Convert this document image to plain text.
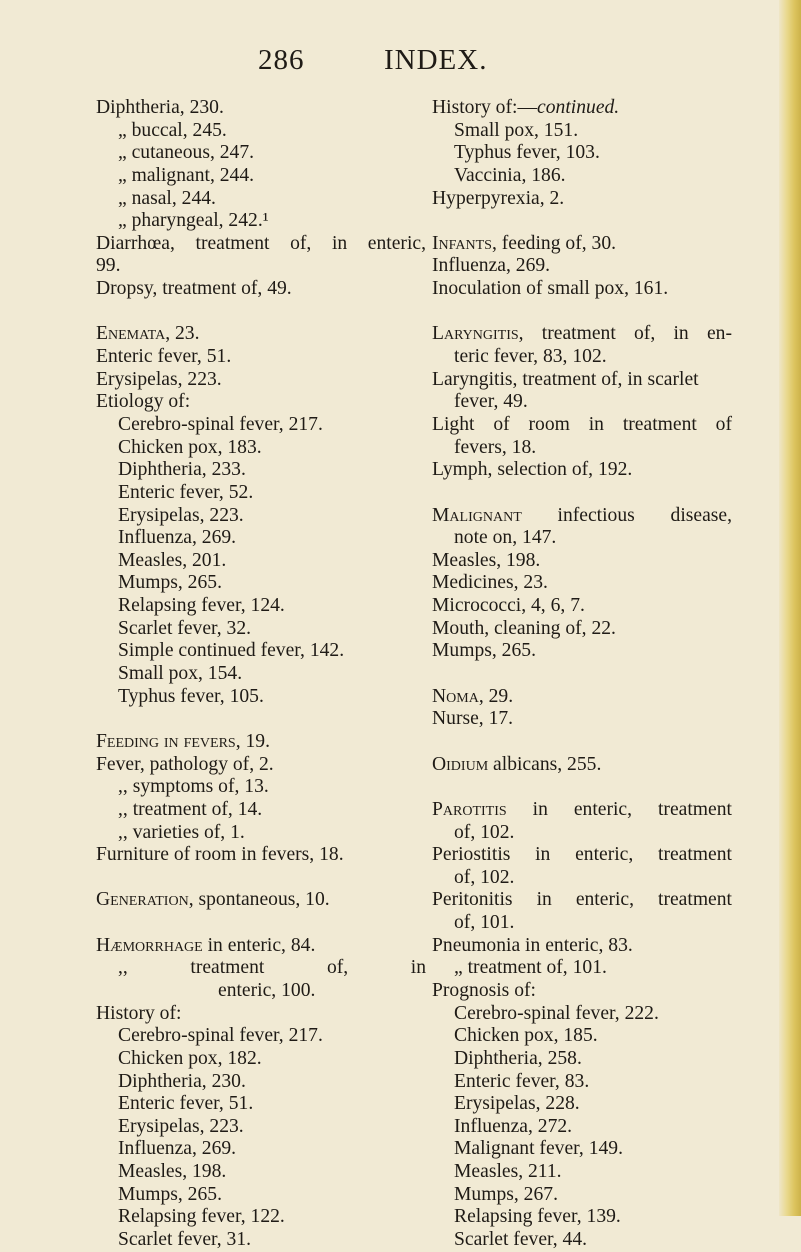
286	INDEX.
Diphtheria, 230.
„ buccal, 245.
„ cutaneous, 247.
„ malignant, 244.
„ nasal, 244.
„ pharyngeal, 242.¹
Diarrhœa, treatment of, in enteric,
99.
Dropsy, treatment of, 49.
Enemata, 23.
Enteric fever, 51.
Erysipelas, 223.
Etiology of:
Cerebro-spinal fever, 217.
Chicken pox, 183.
Diphtheria, 233.
Enteric fever, 52.
Erysipelas, 223.
Influenza, 269.
Measles, 201.
Mumps, 265.
Relapsing fever, 124.
Scarlet fever, 32.
Simple continued fever, 142.
Small pox, 154.
Typhus fever, 105.
Feeding in fevers, 19.
Fever, pathology of, 2.
,, symptoms of, 13.
,, treatment of, 14.
,, varieties of, 1.
Furniture of room in fevers, 18.
Generation, spontaneous, 10.
Hæmorrhage in enteric, 84.
,,	treatment	of,	in
enteric, 100.
History of:
Cerebro-spinal fever, 217.
Chicken pox, 182.
Diphtheria, 230.
Enteric fever, 51.
Erysipelas, 223.
Influenza, 269.
Measles, 198.
Mumps, 265.
Relapsing fever, 122.
Scarlet fever, 31.
History of:—continued.
Small pox, 151.
Typhus fever, 103.
Vaccinia, 186.
Hyperpyrexia, 2.
Infants, feeding of, 30.
Influenza, 269.
Inoculation of small pox, 161.
Laryngitis, treatment of, in en-
teric fever, 83, 102.
Laryngitis, treatment of, in scarlet
fever, 49.
Light of room in treatment of
fevers, 18.
Lymph, selection of, 192.
Malignant infectious disease,
note on, 147.
Measles, 198.
Medicines, 23.
Micrococci, 4, 6, 7.
Mouth, cleaning of, 22.
Mumps, 265.
Noma, 29.
Nurse, 17.
Oidium albicans, 255.
Parotitis in enteric, treatment
of, 102.
Periostitis in enteric, treatment
of, 102.
Peritonitis in enteric, treatment
of, 101.
Pneumonia in enteric, 83.
„ treatment of, 101.
Prognosis of:
Cerebro-spinal fever, 222.
Chicken pox, 185.
Diphtheria, 258.
Enteric fever, 83.
Erysipelas, 228.
Influenza, 272.
Malignant fever, 149.
Measles, 211.
Mumps, 267.
Relapsing fever, 139.
Scarlet fever, 44.
